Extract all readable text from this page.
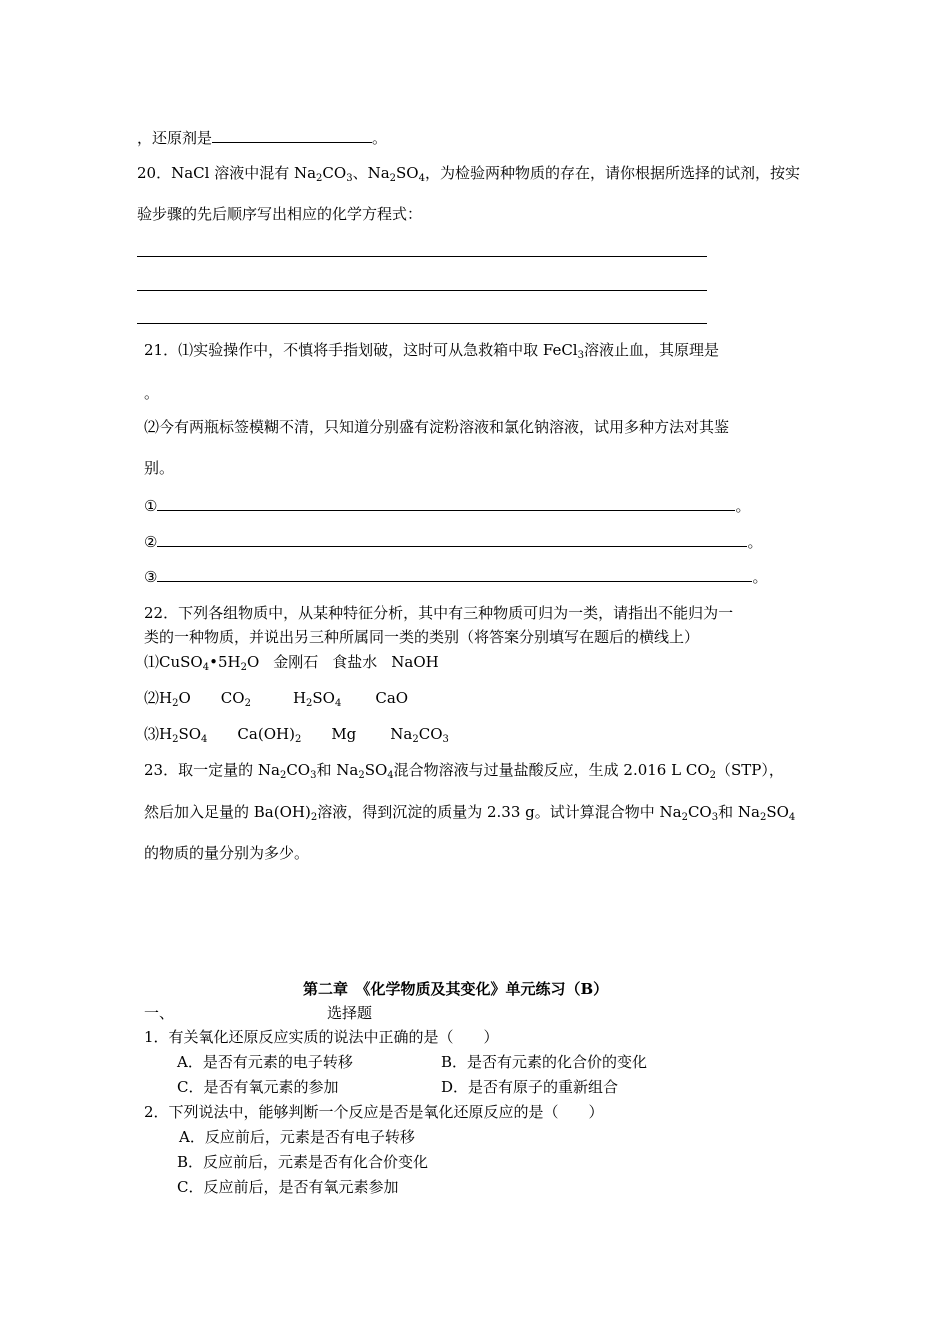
，还原剂是	。
20．NaCl 溶液中混有 $Na_2CO_3$、$Na_2SO_4$，为检验两种物质的存在，请你根据所选择的试剂，按实
验步骤的先后顺序写出相应的化学方程式：
21．⑴实验操作中，不慎将手指划破，这时可从急救箱中取 FeCl$_3$溶液止血，其原理是
。
⑵今有两瓶标签模糊不清，只知道分别盛有淀粉溶液和氯化钠溶液，试用多种方法对其鉴
别。
①	。
②	。
③	。
22．下列各组物质中，从某种特征分析，其中有三种物质可归为一类，请指出不能归为一
类的一种物质，并说出另三种所属同一类的类别（将答案分别填写在题后的横线上）
$⑴CuSO_4•5H_2O$ 金刚石 食盐水 NaOH
$⑵H_2O$ $CO_2$	$H_2SO_4$ CaO
$⑶H_2SO_4$ $Ca(OH)_2$ Mg $Na_2CO_3$
23．取一定量的 $Na_2CO_3$和 $Na_2SO_4$混合物溶液与过量盐酸反应，生成 2.016 L $CO_2(STP)$，
然后加入足量的 $Ba(OH)_2$溶液，得到沉淀的质量为 2.33 g。试计算混合物中 $Na_2CO_3$和 $Na_2SO_4$
的物质的量分别为多少。
第二章　《化学物质及其变化》单元练习（B）
一、	选择题
1．有关氧化还原反应实质的说法中正确的是（　　）
A．是否有元素的电子转移	B．是否有元素的化合价的变化
C．是否有氧元素的参加	D．是否有原子的重新组合
2．下列说法中，能够判断一个反应是否是氧化还原反应的是（　　）
A．反应前后，元素是否有电子转移
B．反应前后，元素是否有化合价变化
C．反应前后，是否有氧元素参加
